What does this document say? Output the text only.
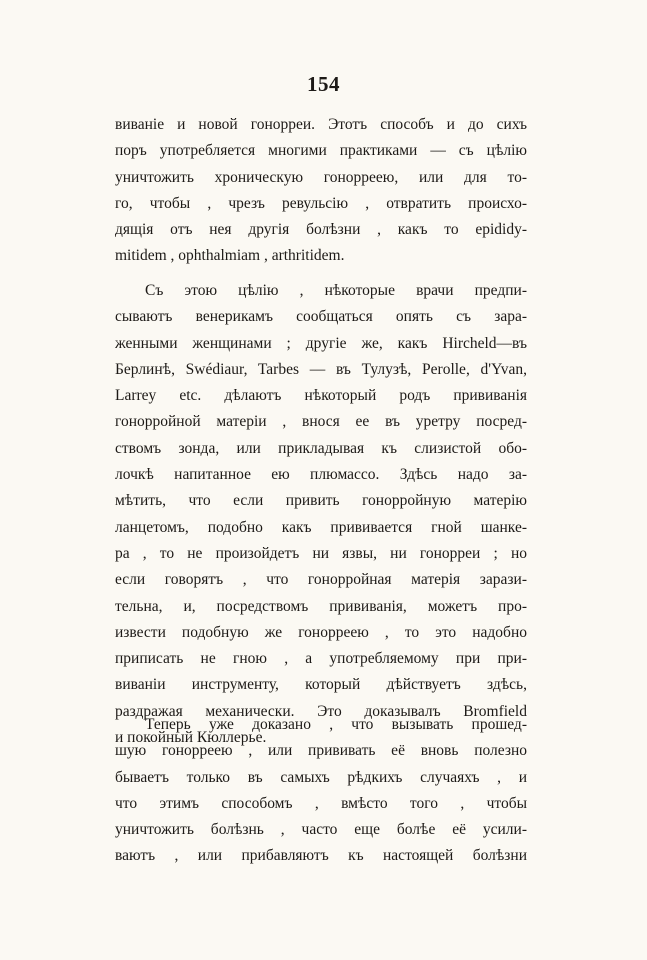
154
виваніе и новой гонорреи. Этотъ способъ и до сихъ
поръ употребляется многими практиками — съ цѣлію
уничтожить хроническую гонорреею, или для то-
го, чтобы , чрезъ ревульсію , отвратить происхо-
дящія отъ нея другія болѣзни , какъ то epididy-
mitidem , ophthalmiam , arthritidem.
Съ этою цѣлію , нѣкоторые врачи предпи-
сываютъ венерикамъ сообщаться опять съ зара-
женными женщинами ; другіе же, какъ Hircheld—въ
Берлинѣ, Swédiaur, Tarbes — въ Тулузѣ, Perolle, d'Yvan,
Larrey etc. дѣлаютъ нѣкоторый родъ прививанія
гонорройной матеріи , внося ее въ уретру посред-
ствомъ зонда, или прикладывая къ слизистой обо-
лочкѣ напитанное ею плюмассо. Здѣсь надо за-
мѣтить, что если привить гонорройную матерію
ланцетомъ, подобно какъ прививается гной шанке-
ра , то не произойдетъ ни язвы, ни гонорреи ; но
если говорятъ , что гонорройная матерія зарази-
тельна, и, посредствомъ прививанія, можетъ про-
извести подобную же гонорреею , то это надобно
приписать не гною , а употребляемому при при-
виваніи инструменту, который дѣйствуетъ здѣсь,
раздражая механически. Это доказывалъ Bromfield
и покойный Кюллерье.
Теперь уже доказано , что вызывать прошед-
шую гонорреею , или прививать её вновь полезно
бываетъ только въ самыхъ рѣдкихъ случаяхъ , и
что этимъ способомъ , вмѣсто того , чтобы
уничтожить болѣзнь , часто еще болѣе её усили-
ваютъ , или прибавляютъ къ настоящей болѣзни
